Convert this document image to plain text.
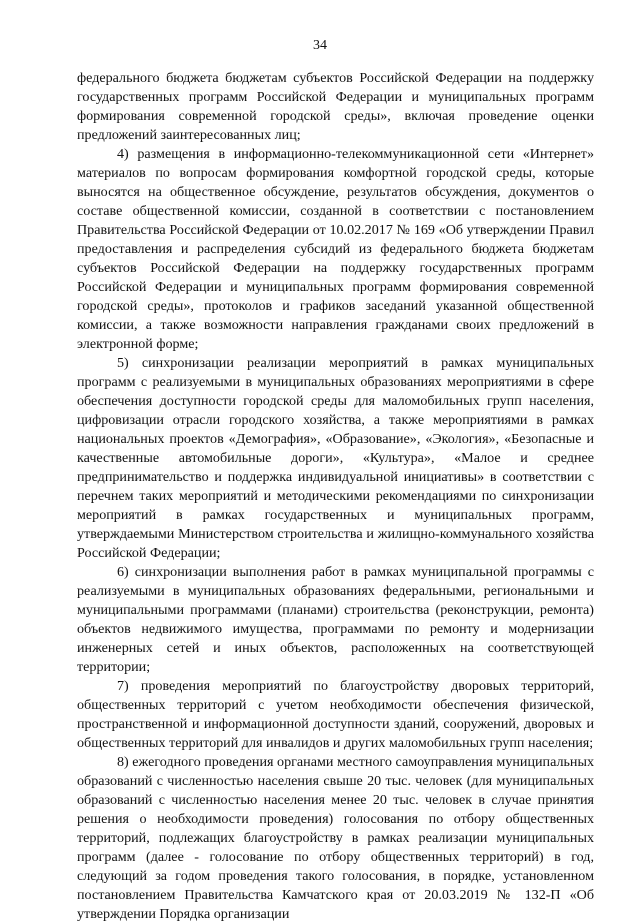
34

федерального бюджета бюджетам субъектов Российской Федерации на поддержку государственных программ Российской Федерации и муниципальных программ формирования современной городской среды», включая проведение оценки предложений заинтересованных лиц;

4) размещения в информационно-телекоммуникационной сети «Интернет» материалов по вопросам формирования комфортной городской среды, которые выносятся на общественное обсуждение, результатов обсуждения, документов о составе общественной комиссии, созданной в соответствии с постановлением Правительства Российской Федерации от 10.02.2017 № 169 «Об утверждении Правил предоставления и распределения субсидий из федерального бюджета бюджетам субъектов Российской Федерации на поддержку государственных программ Российской Федерации и муниципальных программ формирования современной городской среды», протоколов и графиков заседаний указанной общественной комиссии, а также возможности направления гражданами своих предложений в электронной форме;

5) синхронизации реализации мероприятий в рамках муниципальных программ с реализуемыми в муниципальных образованиях мероприятиями в сфере обеспечения доступности городской среды для маломобильных групп населения, цифровизации отрасли городского хозяйства, а также мероприятиями в рамках национальных проектов «Демография», «Образование», «Экология», «Безопасные и качественные автомобильные дороги», «Культура», «Малое и среднее предпринимательство и поддержка индивидуальной инициативы» в соответствии с перечнем таких мероприятий и методическими рекомендациями по синхронизации мероприятий в рамках государственных и муниципальных программ, утверждаемыми Министерством строительства и жилищно-коммунального хозяйства Российской Федерации;

6) синхронизации выполнения работ в рамках муниципальной программы с реализуемыми в муниципальных образованиях федеральными, региональными и муниципальными программами (планами) строительства (реконструкции, ремонта) объектов недвижимого имущества, программами по ремонту и модернизации инженерных сетей и иных объектов, расположенных на соответствующей территории;

7) проведения мероприятий по благоустройству дворовых территорий, общественных территорий с учетом необходимости обеспечения физической, пространственной и информационной доступности зданий, сооружений, дворовых и общественных территорий для инвалидов и других маломобильных групп населения;

8) ежегодного проведения органами местного самоуправления муниципальных образований с численностью населения свыше 20 тыс. человек (для муниципальных образований с численностью населения менее 20 тыс. человек в случае принятия решения о необходимости проведения) голосования по отбору общественных территорий, подлежащих благоустройству в рамках реализации муниципальных программ (далее - голосование по отбору общественных территорий) в год, следующий за годом проведения такого голосования, в порядке, установленном постановлением Правительства Камчатского края от 20.03.2019 № 132-П «Об утверждении Порядка организации
